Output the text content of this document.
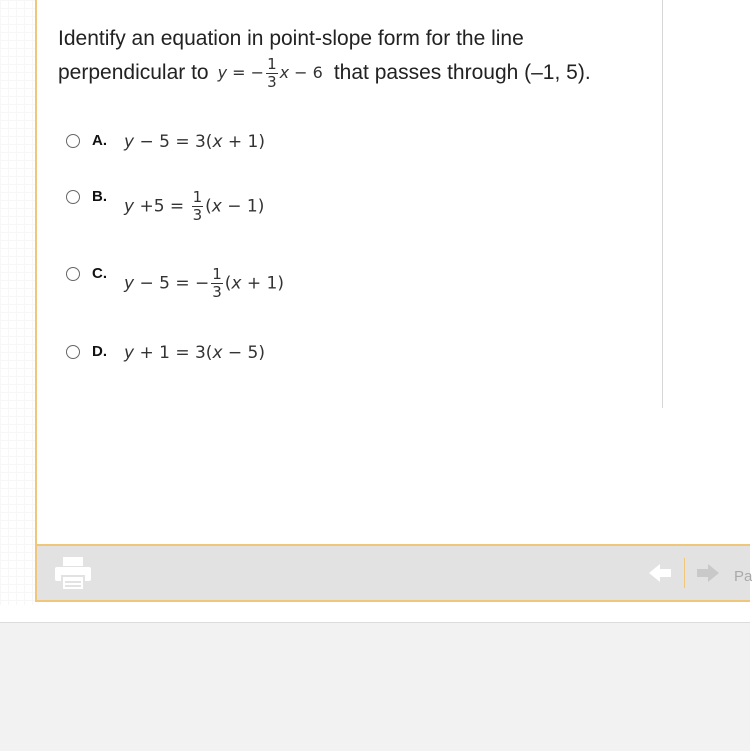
Identify an equation in point-slope form for the line
perpendicular to y = − $\frac{1}{3}$ x − 6 that passes through (–1, 5).
A.	y − 5 = 3(x + 1)
B.	$y +5 = \frac{1}{3} (x - 1)$
C.	y − 5 = − $\frac{1}{3} (x + 1)$
D.	y + 1 = 3(x − 5)
Pa
